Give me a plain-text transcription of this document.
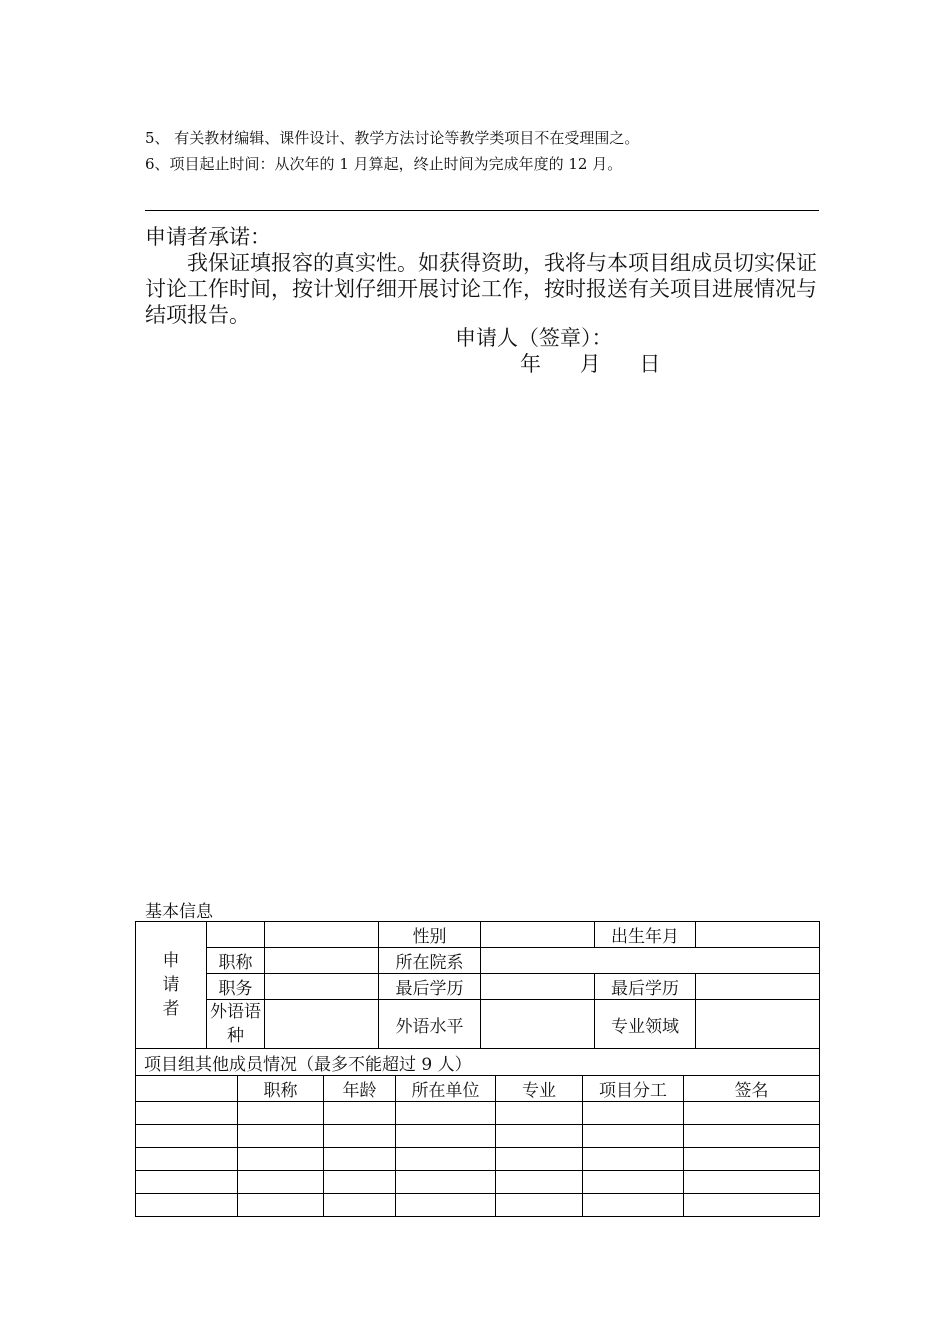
5、 有关教材编辑、课件设计、教学方法讨论等教学类项目不在受理围之。
6、项目起止时间：从次年的 1 月算起，终止时间为完成年度的 12 月。
申请者承诺：
我保证填报容的真实性。如获得资助，我将与本项目组成员切实保证讨论工作时间，按计划仔细开展讨论工作，按时报送有关项目进展情况与结项报告。
申请人（签章）：
年 月 日
基本信息
申
请
者			性别		出生年月	
	职称		所在院系			
	职务		最后学历		最后学历	
	外语语种		外语水平		专业领域	
项目组其他成员情况（最多不能超过 9 人）						
	职称	年龄	所在单位	专业	项目分工	签名
